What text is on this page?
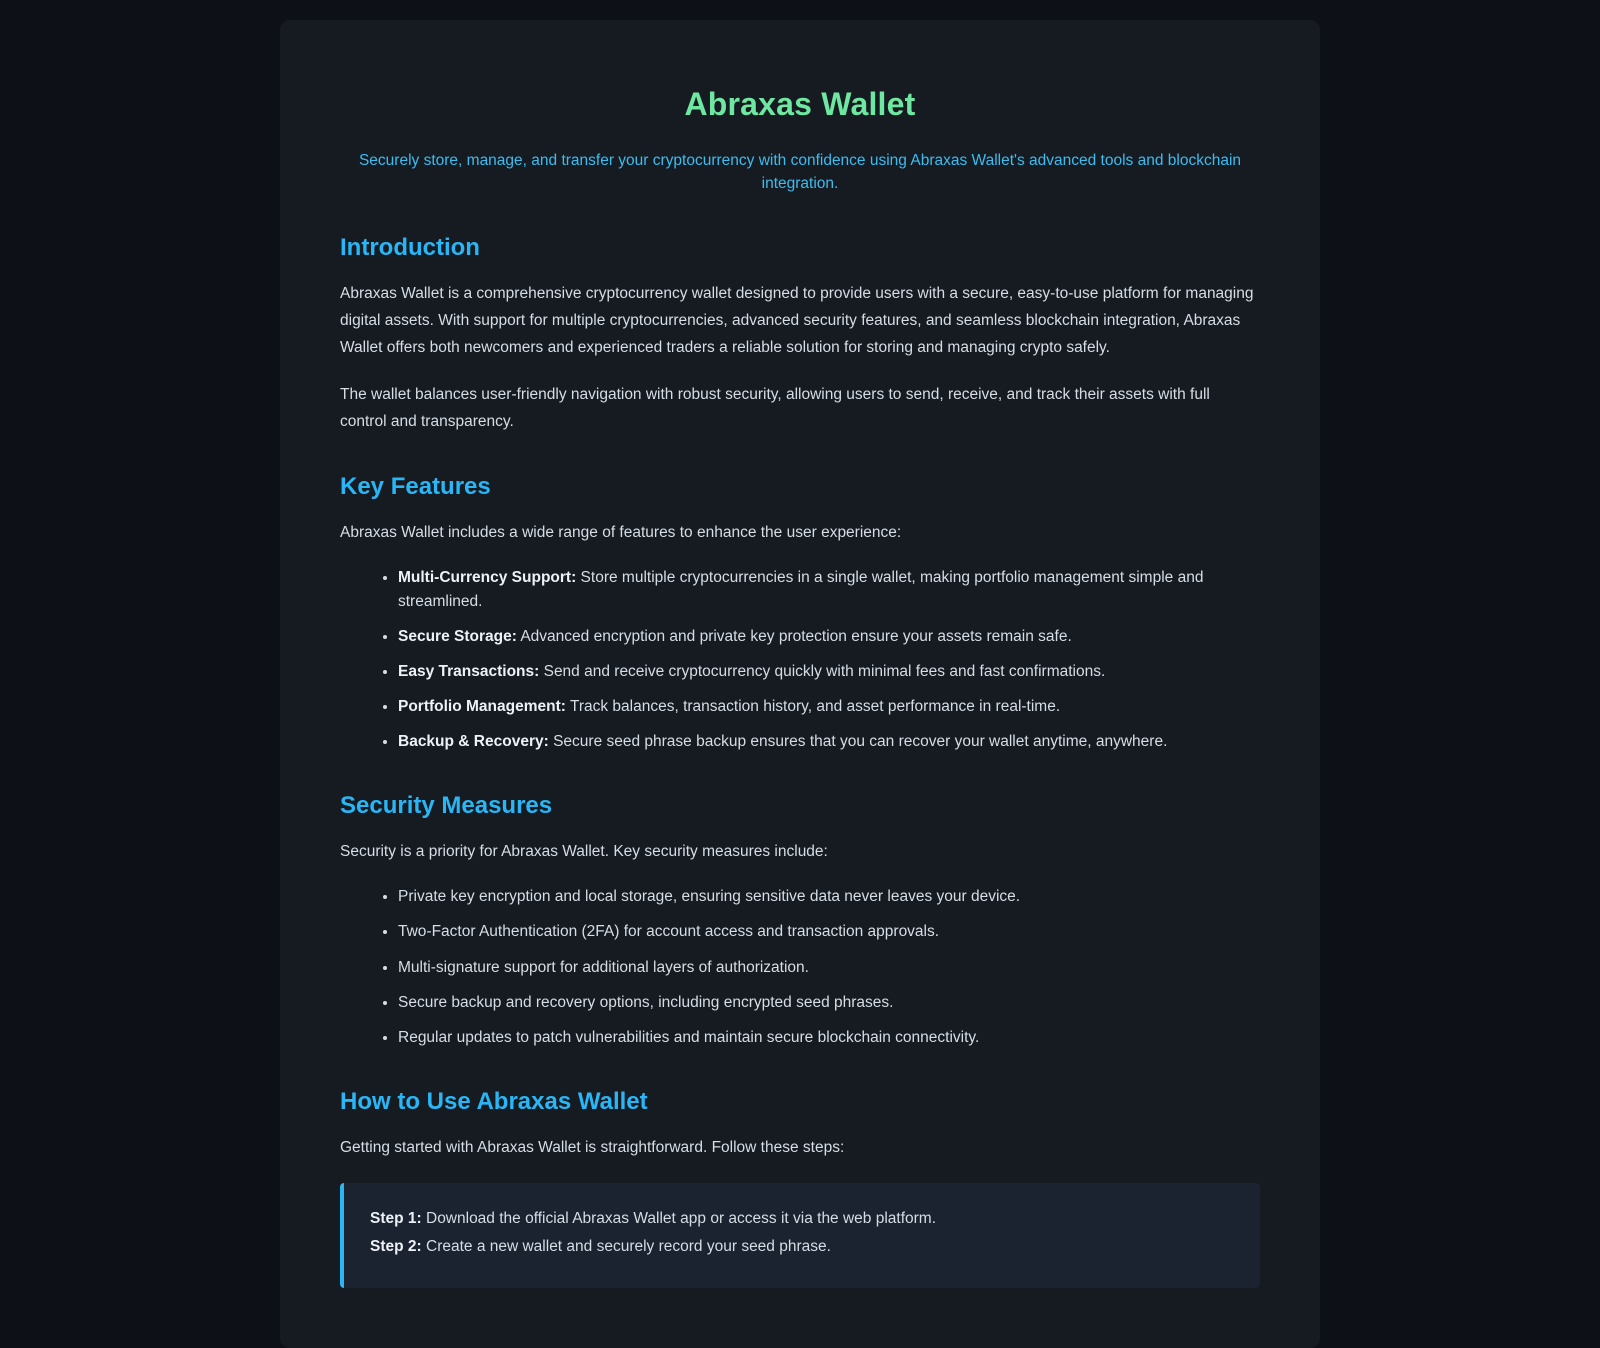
Abraxas Wallet

Securely store, manage, and transfer your cryptocurrency with confidence using Abraxas Wallet's advanced tools and blockchain integration.

Introduction

Abraxas Wallet is a comprehensive cryptocurrency wallet designed to provide users with a secure, easy-to-use platform for managing digital assets. With support for multiple cryptocurrencies, advanced security features, and seamless blockchain integration, Abraxas Wallet offers both newcomers and experienced traders a reliable solution for storing and managing crypto safely.

The wallet balances user-friendly navigation with robust security, allowing users to send, receive, and track their assets with full control and transparency.

Key Features

Abraxas Wallet includes a wide range of features to enhance the user experience:

• Multi-Currency Support: Store multiple cryptocurrencies in a single wallet, making portfolio management simple and streamlined.
• Secure Storage: Advanced encryption and private key protection ensure your assets remain safe.
• Easy Transactions: Send and receive cryptocurrency quickly with minimal fees and fast confirmations.
• Portfolio Management: Track balances, transaction history, and asset performance in real-time.
• Backup & Recovery: Secure seed phrase backup ensures that you can recover your wallet anytime, anywhere.
Security Measures

Security is a priority for Abraxas Wallet. Key security measures include:

• Private key encryption and local storage, ensuring sensitive data never leaves your device.
• Two-Factor Authentication (2FA) for account access and transaction approvals.
• Multi-signature support for additional layers of authorization.
• Secure backup and recovery options, including encrypted seed phrases.
• Regular updates to patch vulnerabilities and maintain secure blockchain connectivity.
How to Use Abraxas Wallet

Getting started with Abraxas Wallet is straightforward. Follow these steps:

Step 1: Download the official Abraxas Wallet app or access it via the web platform.

Step 2: Create a new wallet and securely record your seed phrase.
